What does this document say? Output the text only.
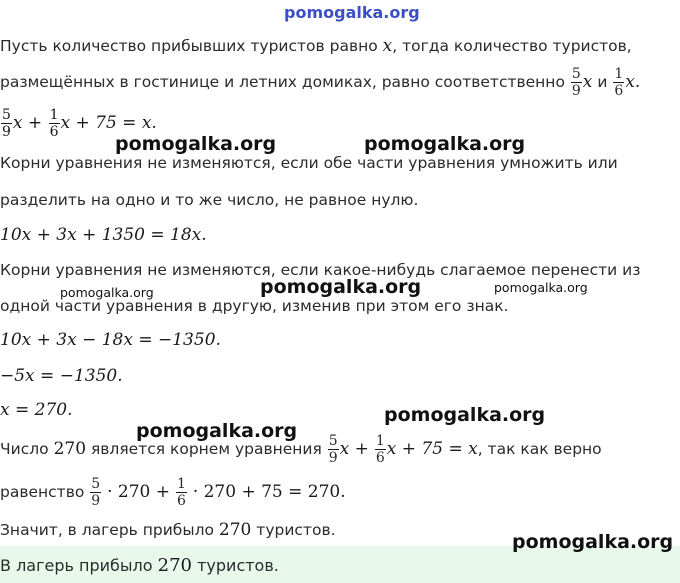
pomogalka.org
Пусть количество прибывших туристов равно x, тогда количество туристов,
размещённых в гостинице и летних домиках, равно соответственно
$\frac{5}{9}$ x
и
$\frac{1}{6} x$.
$\frac{5}{9}$ x +
$\frac{1}{6}$ x + 75 = x.
pomogalka.org	pomogalka.org
Корни уравнения не изменяются, если обе части уравнения умножить или
разделить на одно и то же число, не равное нулю.
10x + 3x + 1350 = 18x.
Корни уравнения не изменяются, если какое-нибудь слагаемое перенести из
одной части уравнения в другую, изменив при этом его знак.
pomogalka.org	pomogalka.org	pomogalka.org
10x + 3x − 18x = −1350.
−5x = −1350.
x = 270.	pomogalka.org
pomogalka.org
Число
270
является корнем уравнения
$\frac{5}{9}$ x +
$\frac{1}{6}$ x + 75 = x , так как верно
равенство
$\frac{5}{9}$
· 270 +
$\frac{1}{6}$
· 270 + 75 = 270.
Значит, в лагерь прибыло 270 туристов.
В лагерь прибыло 270 туристов.
pomogalka.org
